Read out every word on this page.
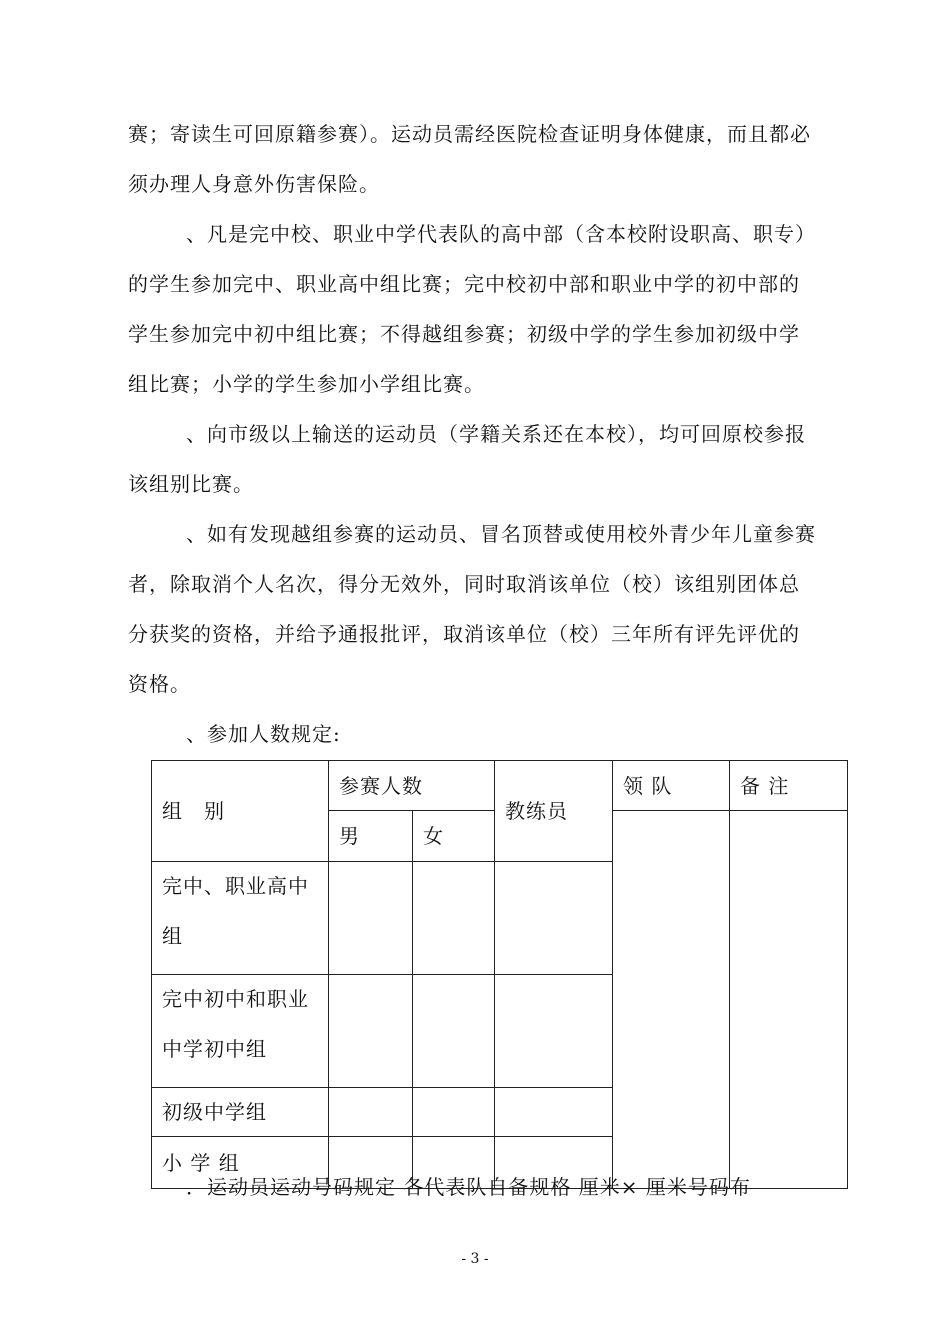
赛；寄读生可回原籍参赛）。运动员需经医院检查证明身体健康，而且都必
须办理人身意外伤害保险。
、凡是完中校、职业中学代表队的高中部（含本校附设职高、职专）
的学生参加完中、职业高中组比赛；完中校初中部和职业中学的初中部的
学生参加完中初中组比赛；不得越组参赛；初级中学的学生参加初级中学
组比赛；小学的学生参加小学组比赛。
、向市级以上输送的运动员（学籍关系还在本校），均可回原校参报
该组别比赛。
、如有发现越组参赛的运动员、冒名顶替或使用校外青少年儿童参赛
者，除取消个人名次，得分无效外，同时取消该单位（校）该组别团体总
分获奖的资格，并给予通报批评，取消该单位（校）三年所有评先评优的
资格。
、参加人数规定:
组　别	参赛人数		教练员	领 队	备 注
	男	女			

完中、职业高中
组					

完中初中和职业
中学初中组					

初级中学组					
小 学 组					
．运动员运动号码规定 各代表队自备规格 厘米× 厘米号码布
- 3 -
